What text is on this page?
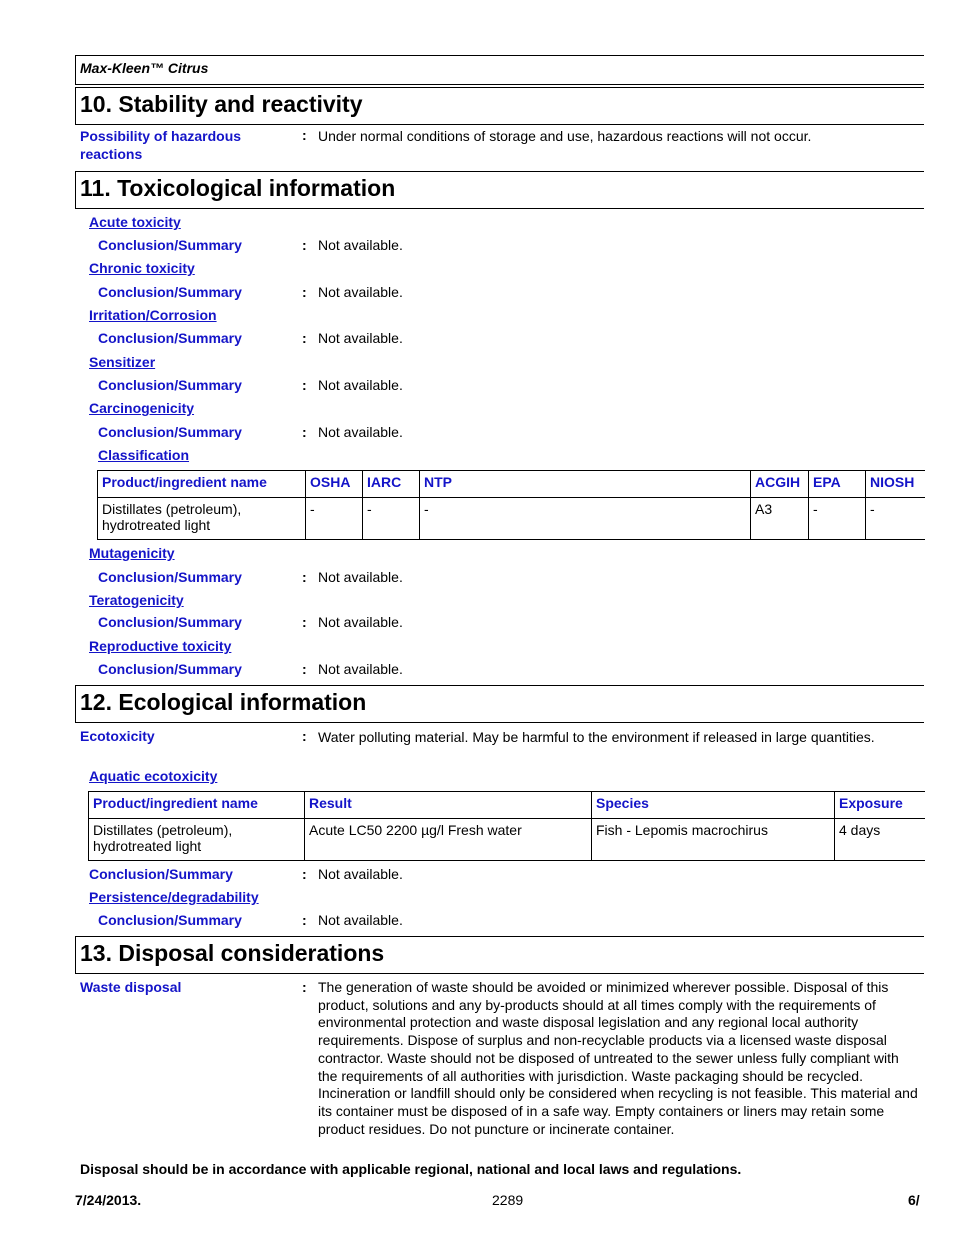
Max-Kleen™ Citrus
10. Stability and reactivity
Possibility of hazardous reactions
: Under normal conditions of storage and use, hazardous reactions will not occur.
11. Toxicological information
Acute toxicity
Conclusion/Summary	: Not available.
Chronic toxicity
Conclusion/Summary	: Not available.
Irritation/Corrosion
Conclusion/Summary	: Not available.
Sensitizer
Conclusion/Summary	: Not available.
Carcinogenicity
Conclusion/Summary	: Not available.
Classification
Product/ingredient name	OSHA	IARC	NTP	ACGIH	EPA	NIOSH
Distillates (petroleum), hydrotreated light	-	-	-	A3	-	-
Mutagenicity
Conclusion/Summary	: Not available.
Teratogenicity
Conclusion/Summary	: Not available.
Reproductive toxicity
Conclusion/Summary	: Not available.
12. Ecological information
Ecotoxicity	: Water polluting material. May be harmful to the environment if released in large quantities.
Aquatic ecotoxicity
Product/ingredient name	Result	Species	Exposure
Distillates (petroleum), hydrotreated light	Acute LC50 2200 µg/l Fresh water	Fish - Lepomis macrochirus	4 days
Conclusion/Summary	: Not available.
Persistence/degradability
Conclusion/Summary	: Not available.
13. Disposal considerations
Waste disposal	: The generation of waste should be avoided or minimized wherever possible. Disposal of this product, solutions and any by-products should at all times comply with the requirements of environmental protection and waste disposal legislation and any regional local authority requirements. Dispose of surplus and non-recyclable products via a licensed waste disposal contractor. Waste should not be disposed of untreated to the sewer unless fully compliant with the requirements of all authorities with jurisdiction. Waste packaging should be recycled. Incineration or landfill should only be considered when recycling is not feasible. This material and its container must be disposed of in a safe way. Empty containers or liners may retain some product residues. Do not puncture or incinerate container.
Disposal should be in accordance with applicable regional, national and local laws and regulations.
7/24/2013.	2289	6/
